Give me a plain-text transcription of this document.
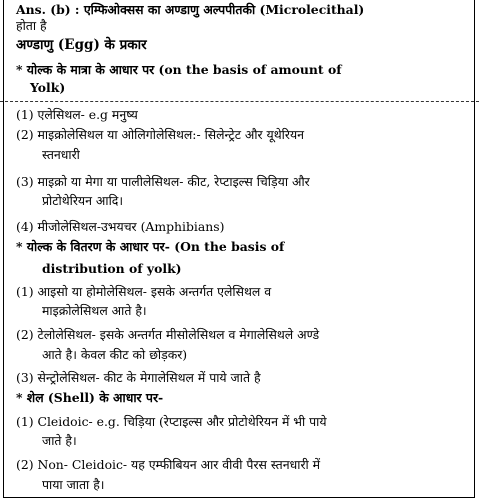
Ans. (b) : एम्फिओक्सस का अण्डाणु अल्पपीतकी (Microlecithal)
होता है
अण्डाणु (Egg) के प्रकार
* योल्क के मात्रा के आधार पर (on the basis of amount of
Yolk)
(1) एलेसिथल- e.g मनुष्य
(2) माइक्रोलेसिथल या ओलिगोलेसिथल:- सिलेन्ट्रेट और यूथेरियन
स्तनधारी
(3) माइक्रो या मेगा या पालीलेसिथल- कीट, रेप्टाइल्स चिड़िया और
प्रोटोथेरियन आदि।
(4) मीजोलेसिथल-उभयचर (Amphibians)
* योल्क के वितरण के आधार पर- (On the basis of
distribution of yolk)
(1) आइसो या होमोलेसिथल- इसके अन्तर्गत एलेसिथल व
माइक्रोलेसिथल आते है।
(2) टेलोलेसिथल- इसके अन्तर्गत मीसोलेसिथल व मेगालेसिथले अण्डे
आते है। केवल कीट को छोड़कर)
(3) सेन्ट्रोलेसिथल- कीट के मेगालेसिथल में पाये जाते है
* शेल (Shell) के आधार पर-
(1) Cleidoic- e.g. चिड़िया (रेप्टाइल्स और प्रोटोथेरियन में भी पाये
जाते है।
(2) Non- Cleidoic- यह एम्फीबियन आर वीवी पैरस स्तनधारी में
पाया जाता है।
